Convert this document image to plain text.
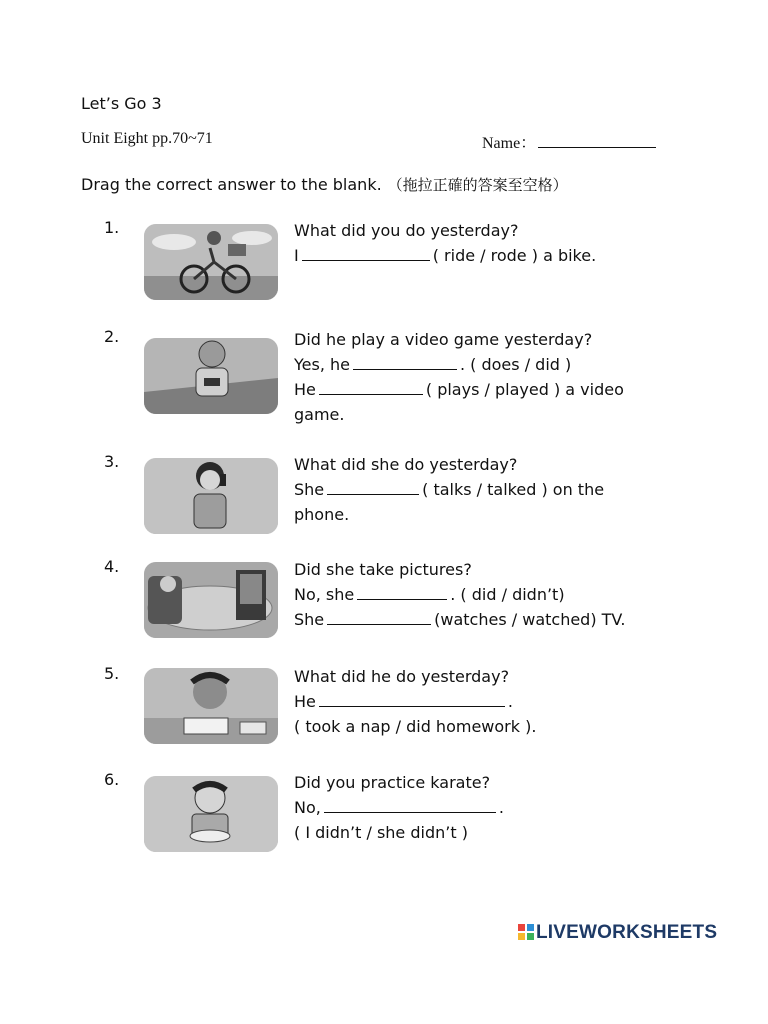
Let’s Go 3
Unit Eight pp.70~71	Name：
Drag the correct answer to the blank. （拖拉正確的答案至空格）
1.	What did you do yesterday?
I	( ride / rode ) a bike.
2.	Did he play a video game yesterday?
Yes, he	. ( does / did )
He	( plays / played ) a video
game.
3.	What did she do yesterday?
She	( talks / talked ) on the
phone.
4.	Did she take pictures?
No, she	. ( did / didn’t)
She	(watches / watched) TV.
5.	What did he do yesterday?
He	.
( took a nap / did homework ).
6.	Did you practice karate?
No,	.
( I didn’t / she didn’t )
LIVEWORKSHEETS
